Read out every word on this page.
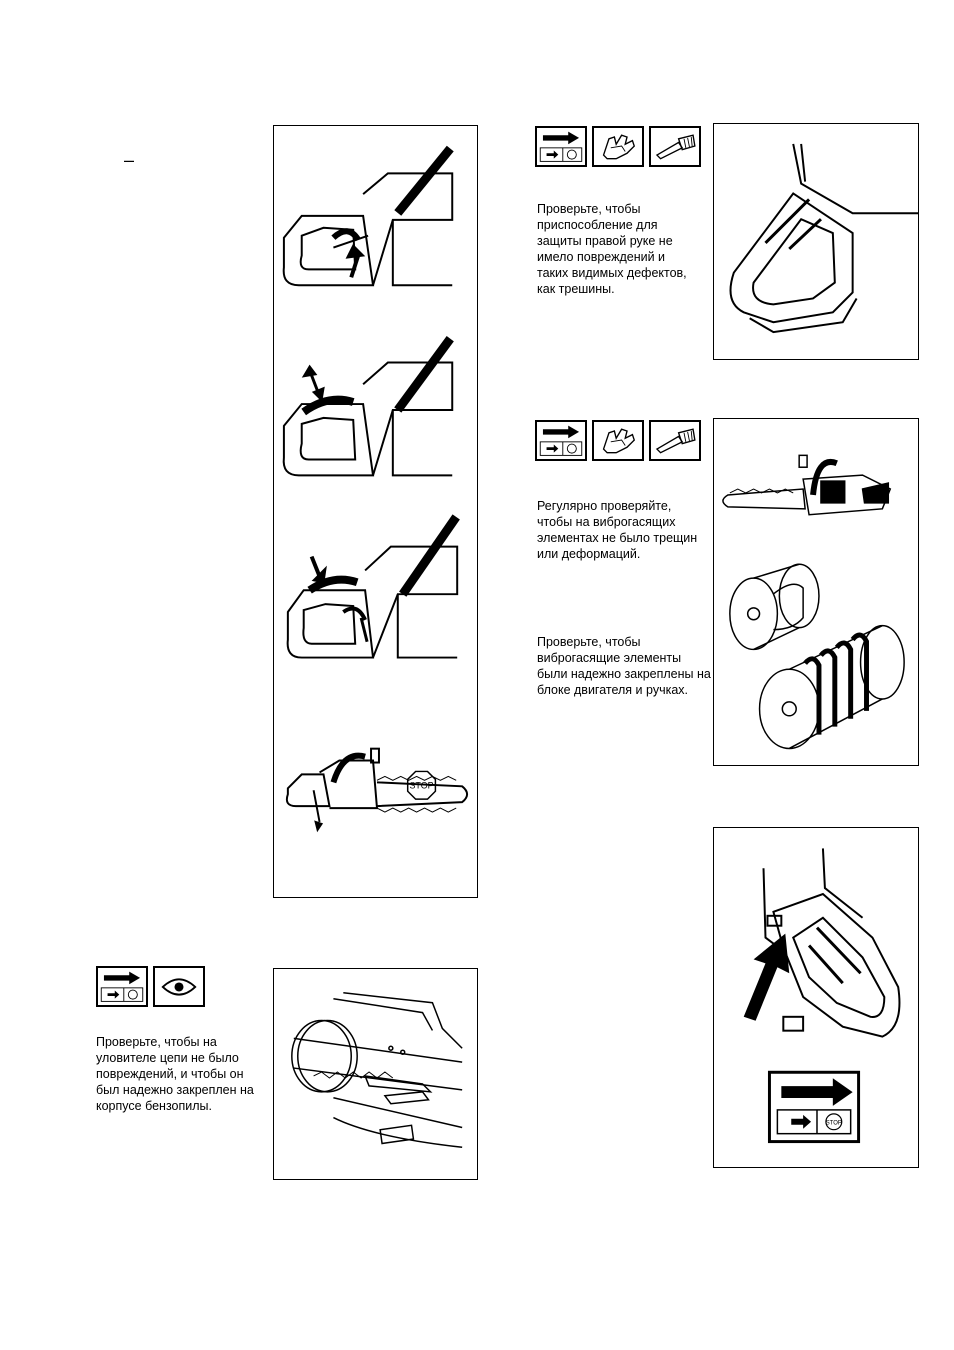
–
STOP
Проверьте, чтобы на
уловителе цепи не было
повреждений, и чтобы он
был надежно закреплен на
корпусе бензопилы.
Проверьте, чтобы
приспособление для
защиты правой руке не
имело повреждений и
таких видимых дефектов,
как трешины.
Регулярно проверяйте,
чтобы на виброгасящих
элементах не было трещин
или деформаций.
Проверьте, чтобы
виброгасящие элементы
были надежно закреплены на
блоке двигателя и ручках.
STOP
